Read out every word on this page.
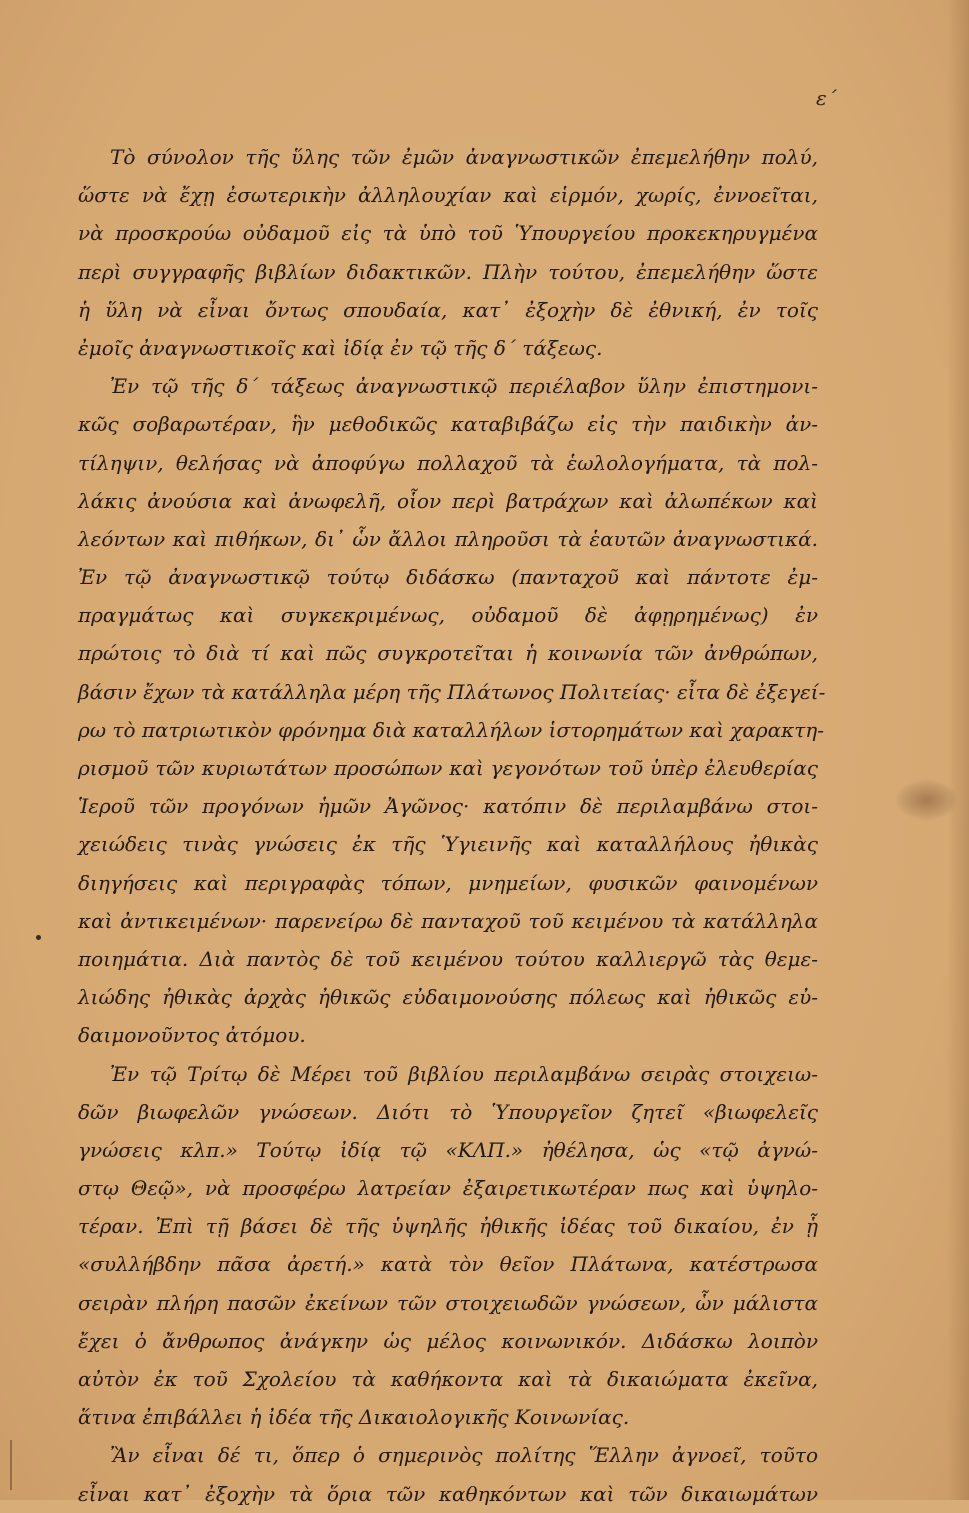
ε΄
Τὸ σύνολον τῆς ὕλης τῶν ἐμῶν ἀναγνωστικῶν ἐπεμελήθην πολύ,
ὥστε νὰ ἔχῃ ἐσωτερικὴν ἀλληλουχίαν καὶ εἱρμόν, χωρίς, ἐννοεῖται,
νὰ προσκρούω οὐδαμοῦ εἰς τὰ ὑπὸ τοῦ Ὑπουργείου προκεκηρυγμένα
περὶ συγγραφῆς βιβλίων διδακτικῶν. Πλὴν τούτου, ἐπεμελήθην ὥστε
ἡ ὕλη νὰ εἶναι ὄντως σπουδαία, κατ᾿ ἐξοχὴν δὲ ἐθνική, ἐν τοῖς
ἐμοῖς ἀναγνωστικοῖς καὶ ἰδίᾳ ἐν τῷ τῆς δ΄ τάξεως.
Ἐν τῷ τῆς δ΄ τάξεως ἀναγνωστικῷ περιέλαβον ὕλην ἐπιστημονι-
κῶς σοβαρωτέραν, ἣν μεθοδικῶς καταβιβάζω εἰς τὴν παιδικὴν ἀν-
τίληψιν, θελήσας νὰ ἀποφύγω πολλαχοῦ τὰ ἑωλολογήματα, τὰ πολ-
λάκις ἀνούσια καὶ ἀνωφελῆ, οἷον περὶ βατράχων καὶ ἀλωπέκων καὶ
λεόντων καὶ πιθήκων, δι᾿ ὧν ἄλλοι πληροῦσι τὰ ἑαυτῶν ἀναγνωστικά.
Ἐν τῷ ἀναγνωστικῷ τούτῳ διδάσκω (πανταχοῦ καὶ πάντοτε ἐμ-
πραγμάτως καὶ συγκεκριμένως, οὐδαμοῦ δὲ ἀφῃρημένως) ἐν
πρώτοις τὸ διὰ τί καὶ πῶς συγκροτεῖται ἡ κοινωνία τῶν ἀνθρώπων,
βάσιν ἔχων τὰ κατάλληλα μέρη τῆς Πλάτωνος Πολιτείας· εἶτα δὲ ἐξεγεί-
ρω τὸ πατριωτικὸν φρόνημα διὰ καταλλήλων ἱστορημάτων καὶ χαρακτη-
ρισμοῦ τῶν κυριωτάτων προσώπων καὶ γεγονότων τοῦ ὑπὲρ ἐλευθερίας
Ἱεροῦ τῶν προγόνων ἡμῶν Ἀγῶνος· κατόπιν δὲ περιλαμβάνω στοι-
χειώδεις τινὰς γνώσεις ἐκ τῆς Ὑγιεινῆς καὶ καταλλήλους ἠθικὰς
διηγήσεις καὶ περιγραφὰς τόπων, μνημείων, φυσικῶν φαινομένων
καὶ ἀντικειμένων· παρενείρω δὲ πανταχοῦ τοῦ κειμένου τὰ κατάλληλα
ποιημάτια. Διὰ παντὸς δὲ τοῦ κειμένου τούτου καλλιεργῶ τὰς θεμε-
λιώδης ἠθικὰς ἀρχὰς ἠθικῶς εὐδαιμονούσης πόλεως καὶ ἠθικῶς εὐ-
δαιμονοῦντος ἀτόμου.
Ἐν τῷ Τρίτῳ δὲ Μέρει τοῦ βιβλίου περιλαμβάνω σειρὰς στοιχειω-
δῶν βιωφελῶν γνώσεων. Διότι τὸ Ὑπουργεῖον ζητεῖ «βιωφελεῖς
γνώσεις κλπ.» Τούτῳ ἰδίᾳ τῷ «ΚΛΠ.» ἠθέλησα, ὡς «τῷ ἀγνώ-
στῳ Θεῷ», νὰ προσφέρω λατρείαν ἐξαιρετικωτέραν πως καὶ ὑψηλο-
τέραν. Ἐπὶ τῇ βάσει δὲ τῆς ὑψηλῆς ἠθικῆς ἰδέας τοῦ δικαίου, ἐν ᾗ
«συλλήβδην πᾶσα ἀρετή.» κατὰ τὸν θεῖον Πλάτωνα, κατέστρωσα
σειρὰν πλήρη πασῶν ἐκείνων τῶν στοιχειωδῶν γνώσεων, ὧν μάλιστα
ἔχει ὁ ἄνθρωπος ἀνάγκην ὡς μέλος κοινωνικόν. Διδάσκω λοιπὸν
αὐτὸν ἐκ τοῦ Σχολείου τὰ καθήκοντα καὶ τὰ δικαιώματα ἐκεῖνα,
ἅτινα ἐπιβάλλει ἡ ἰδέα τῆς Δικαιολογικῆς Κοινωνίας.
Ἂν εἶναι δέ τι, ὅπερ ὁ σημερινὸς πολίτης Ἕλλην ἀγνοεῖ, τοῦτο
εἶναι κατ᾿ ἐξοχὴν τὰ ὅρια τῶν καθηκόντων καὶ τῶν δικαιωμάτων
